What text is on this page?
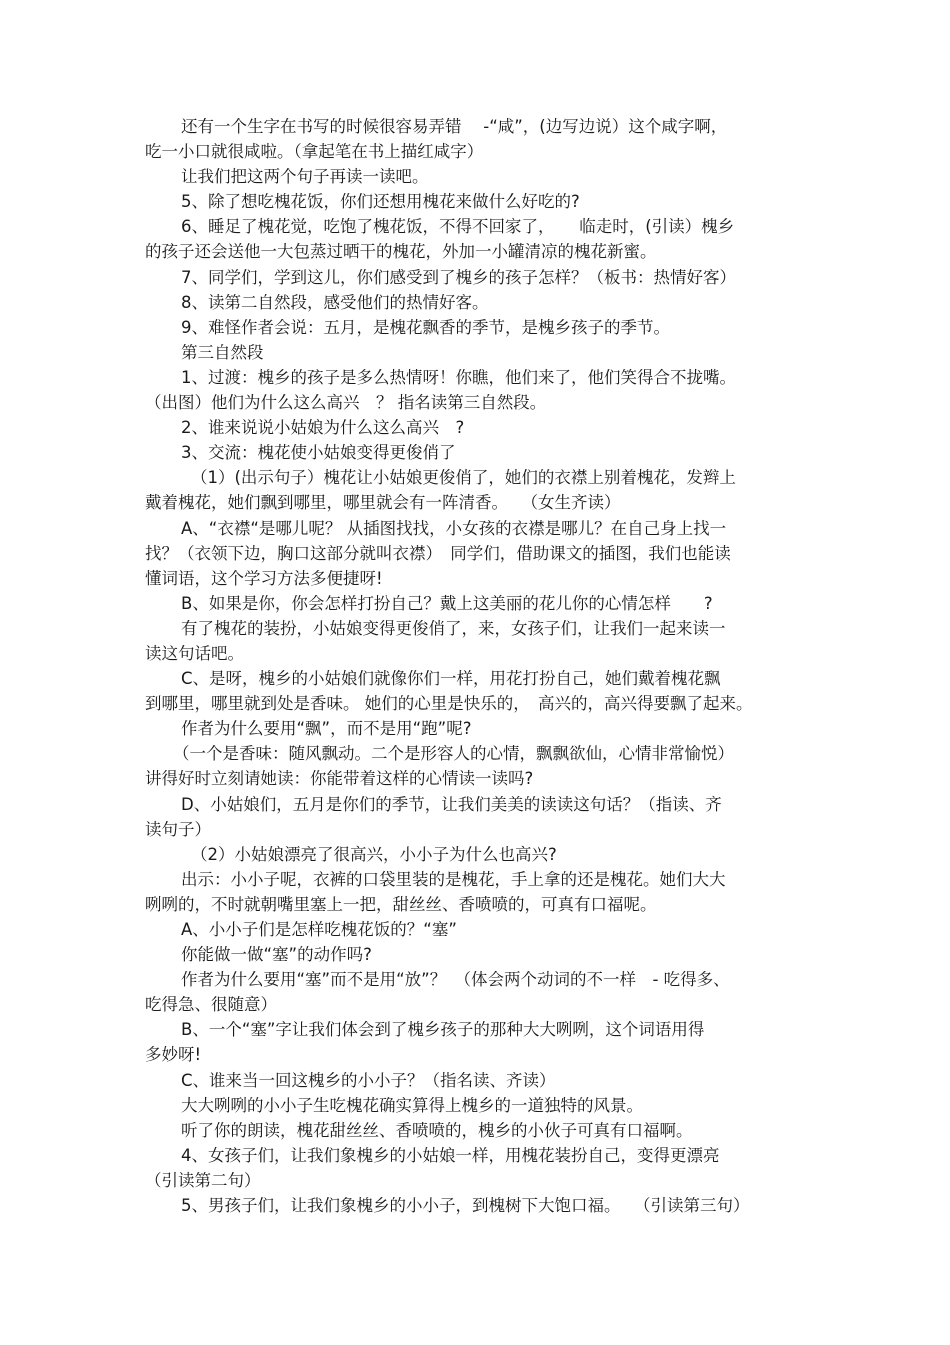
还有一个生字在书写的时候很容易弄错　 -“咸”，(边写边说）这个咸字啊，
吃一小口就很咸啦。（拿起笔在书上描红咸字）
让我们把这两个句子再读一读吧。
5、除了想吃槐花饭，你们还想用槐花来做什么好吃的?
6、睡足了槐花觉，吃饱了槐花饭，不得不回家了，　　临走时，(引读）槐乡
的孩子还会送他一大包蒸过晒干的槐花，外加一小罐清凉的槐花新蜜。
7、同学们，学到这儿，你们感受到了槐乡的孩子怎样？（板书：热情好客）
8、读第二自然段，感受他们的热情好客。
9、难怪作者会说：五月，是槐花飘香的季节，是槐乡孩子的季节。
第三自然段
1、过渡：槐乡的孩子是多么热情呀！你瞧，他们来了，他们笑得合不拢嘴。
（出图）他们为什么这么高兴　？ 指名读第三自然段。
2、谁来说说小姑娘为什么这么高兴　?
3、交流：槐花使小姑娘变得更俊俏了
（1）(出示句子）槐花让小姑娘更俊俏了，她们的衣襟上别着槐花，发辫上
戴着槐花，她们飘到哪里，哪里就会有一阵清香。　 （女生齐读）
A、“衣襟“是哪儿呢？ 从插图找找，小女孩的衣襟是哪儿？在自己身上找一
找？（衣领下边，胸口这部分就叫衣襟）　同学们，借助课文的插图，我们也能读
懂词语，这个学习方法多便捷呀!
B、如果是你，你会怎样打扮自己？戴上这美丽的花儿你的心情怎样　　?
有了槐花的装扮，小姑娘变得更俊俏了，来，女孩子们，让我们一起来读一
读这句话吧。
C、是呀，槐乡的小姑娘们就像你们一样，用花打扮自己，她们戴着槐花飘
到哪里，哪里就到处是香味。 她们的心里是快乐的，　高兴的，高兴得要飘了起来。
作者为什么要用“飘”，而不是用“跑”呢?
（一个是香味：随风飘动。二个是形容人的心情，飘飘欲仙，心情非常愉悦）
讲得好时立刻请她读：你能带着这样的心情读一读吗?
D、小姑娘们，五月是你们的季节，让我们美美的读读这句话？（指读、齐
读句子）
（2）小姑娘漂亮了很高兴，小小子为什么也高兴?
出示：小小子呢，衣裤的口袋里装的是槐花，手上拿的还是槐花。她们大大
咧咧的，不时就朝嘴里塞上一把，甜丝丝、香喷喷的，可真有口福呢。
A、小小子们是怎样吃槐花饭的？“塞”
你能做一做“塞”的动作吗?
作者为什么要用“塞”而不是用“放”？　（体会两个动词的不一样　- 吃得多、
吃得急、很随意）
B、一个“塞”字让我们体会到了槐乡孩子的那种大大咧咧，这个词语用得
多妙呀!
C、谁来当一回这槐乡的小小子？（指名读、齐读）
大大咧咧的小小子生吃槐花确实算得上槐乡的一道独特的风景。
听了你的朗读，槐花甜丝丝、香喷喷的，槐乡的小伙子可真有口福啊。
4、女孩子们，让我们象槐乡的小姑娘一样，用槐花装扮自己，变得更漂亮
（引读第二句）
5、男孩子们，让我们象槐乡的小小子，到槐树下大饱口福。　 （引读第三句）
